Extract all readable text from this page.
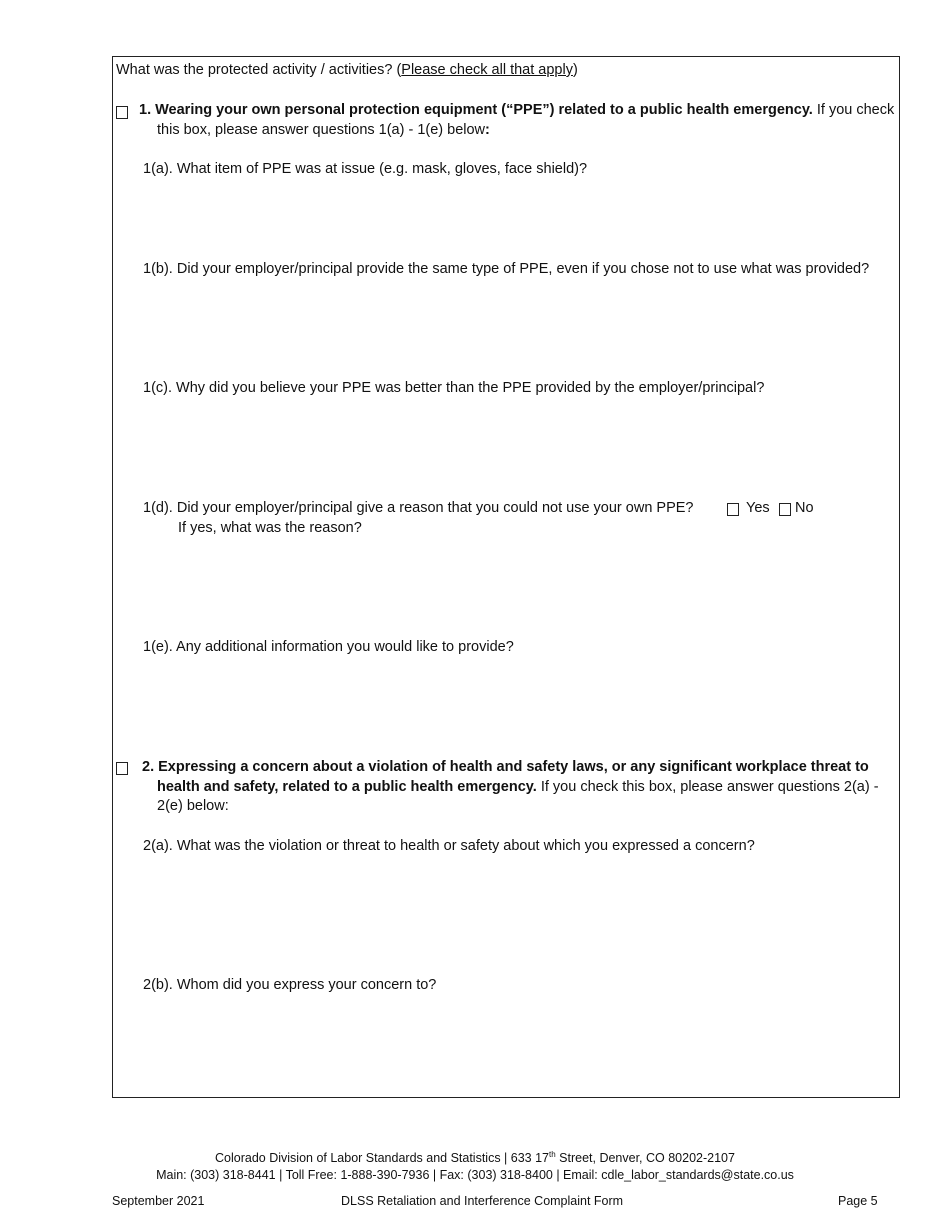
What was the protected activity / activities? (Please check all that apply)
1. Wearing your own personal protection equipment (“PPE”) related to a public health emergency. If you check
this box, please answer questions 1(a) - 1(e) below:
1(a). What item of PPE was at issue (e.g. mask, gloves, face shield)?
1(b). Did your employer/principal provide the same type of PPE, even if you chose not to use what was provided?
1(c). Why did you believe your PPE was better than the PPE provided by the employer/principal?
1(d). Did your employer/principal give a reason that you could not use your own PPE?	Yes No
If yes, what was the reason?
1(e). Any additional information you would like to provide?
2. Expressing a concern about a violation of health and safety laws, or any significant workplace threat to
health and safety, related to a public health emergency. If you check this box, please answer questions 2(a) -
2(e) below:
2(a). What was the violation or threat to health or safety about which you expressed a concern?
2(b). Whom did you express your concern to?
Colorado Division of Labor Standards and Statistics | 633 17th Street, Denver, CO 80202-2107
Main: (303) 318-8441 | Toll Free: 1-888-390-7936 | Fax: (303) 318-8400 | Email: cdle_labor_standards@state.co.us
September 2021	DLSS Retaliation and Interference Complaint Form	Page 5
